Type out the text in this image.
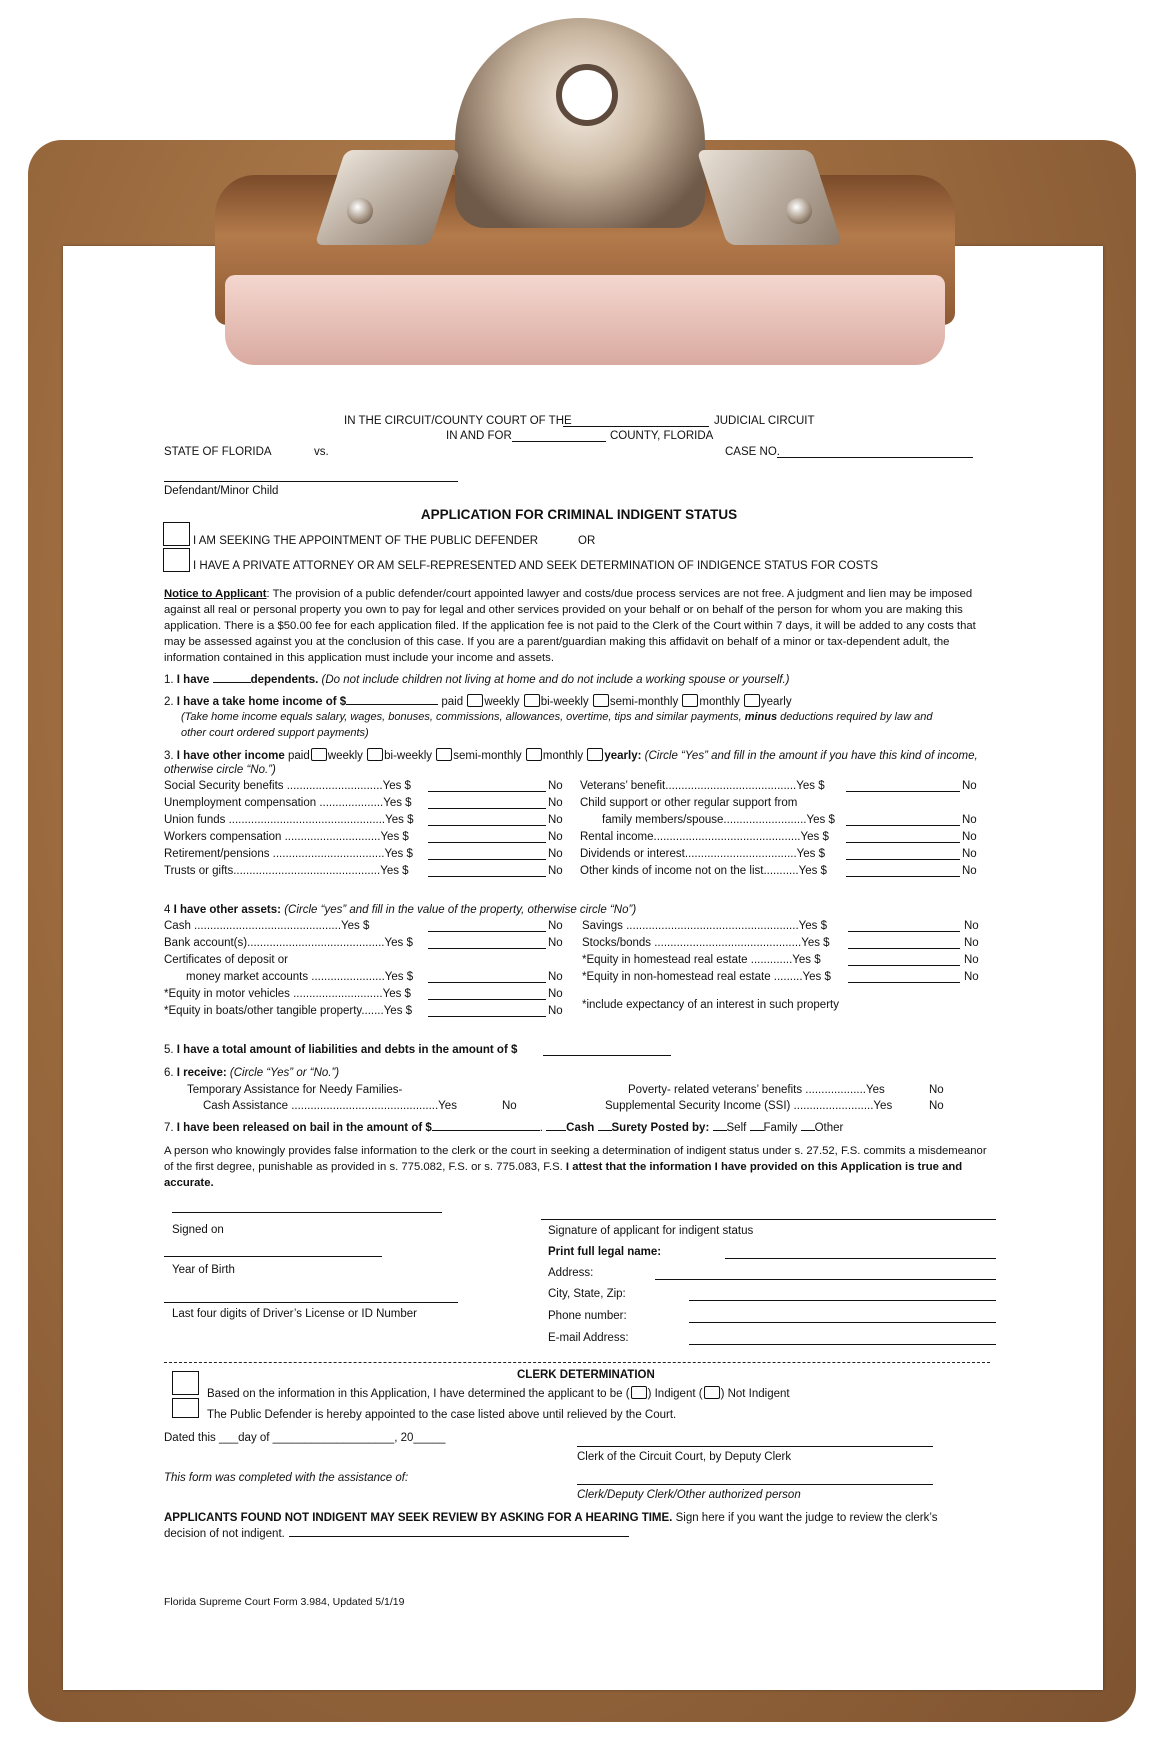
IN THE CIRCUIT/COUNTY COURT OF THE	JUDICIAL CIRCUIT
IN AND FOR	COUNTY, FLORIDA
STATE OF FLORIDA	vs.	CASE NO.
Defendant/Minor Child
APPLICATION FOR CRIMINAL INDIGENT STATUS
I AM SEEKING THE APPOINTMENT OF THE PUBLIC DEFENDER	OR
I HAVE A PRIVATE ATTORNEY OR AM SELF-REPRESENTED AND SEEK DETERMINATION OF INDIGENCE STATUS FOR COSTS
Notice to Applicant: The provision of a public defender/court appointed lawyer and costs/due process services are not free. A judgment and lien may be imposed against all real or personal property you own to pay for legal and other services provided on your behalf or on behalf of the person for whom you are making this application. There is a $50.00 fee for each application filed. If the application fee is not paid to the Clerk of the Court within 7 days, it will be added to any costs that may be assessed against you at the conclusion of this case. If you are a parent/guardian making this affidavit on behalf of a minor or tax-dependent adult, the information contained in this application must include your income and assets.
1. I have	dependents. (Do not include children not living at home and do not include a working spouse or yourself.)
2. I have a take home income of $	paid weekly bi-weekly semi-monthly monthly yearly
(Take home income equals salary, wages, bonuses, commissions, allowances, overtime, tips and similar payments, minus deductions required by law and
other court ordered support payments)
3. I have other income paid weekly bi-weekly semi-monthly monthly yearly: (Circle “Yes” and fill in the amount if you have this kind of income,
otherwise circle “No.”)
Social Security benefits ..............................Yes $	No
Unemployment compensation ....................Yes $	No
Union funds .................................................Yes $	No
Workers compensation ..............................Yes $	No
Retirement/pensions ...................................Yes $	No
Trusts or gifts..............................................Yes $	No
Veterans’ benefit.........................................Yes $	No
Child support or other regular support from
family members/spouse..........................Yes $	No
Rental income..............................................Yes $	No
Dividends or interest...................................Yes $	No
Other kinds of income not on the list...........Yes $	No
4 I have other assets: (Circle “yes” and fill in the value of the property, otherwise circle “No”)
Cash ..............................................Yes $	No
Bank account(s)...........................................Yes $	No
Certificates of deposit or
money market accounts .......................Yes $	No
*Equity in motor vehicles ............................Yes $	No
*Equity in boats/other tangible property.......Yes $	No
Savings ......................................................Yes $	No
Stocks/bonds ..............................................Yes $	No
*Equity in homestead real estate .............Yes $	No
*Equity in non-homestead real estate .........Yes $	No
*include expectancy of an interest in such property
5. I have a total amount of liabilities and debts in the amount of $
6. I receive: (Circle “Yes” or “No.”)
Temporary Assistance for Needy Families-
Cash Assistance ..............................................Yes	No
Poverty- related veterans’ benefits ...................Yes	No
Supplemental Security Income (SSI) .........................Yes	No
7. I have been released on bail in the amount of $	. Cash Surety Posted by: Self Family Other
A person who knowingly provides false information to the clerk or the court in seeking a determination of indigent status under s. 27.52, F.S. commits a misdemeanor of the first degree, punishable as provided in s. 775.082, F.S. or s. 775.083, F.S. I attest that the information I have provided on this Application is true and accurate.
Signed on
Year of Birth
Last four digits of Driver’s License or ID Number
Signature of applicant for indigent status
Print full legal name:
Address:
City, State, Zip:
Phone number:
E-mail Address:
CLERK DETERMINATION
Based on the information in this Application, I have determined the applicant to be ( ) Indigent ( ) Not Indigent
The Public Defender is hereby appointed to the case listed above until relieved by the Court.
Dated this ___day of ___________________, 20_____
Clerk of the Circuit Court, by Deputy Clerk
This form was completed with the assistance of:
Clerk/Deputy Clerk/Other authorized person
APPLICANTS FOUND NOT INDIGENT MAY SEEK REVIEW BY ASKING FOR A HEARING TIME. Sign here if you want the judge to review the clerk’s
decision of not indigent.
Florida Supreme Court Form 3.984, Updated 5/1/19
